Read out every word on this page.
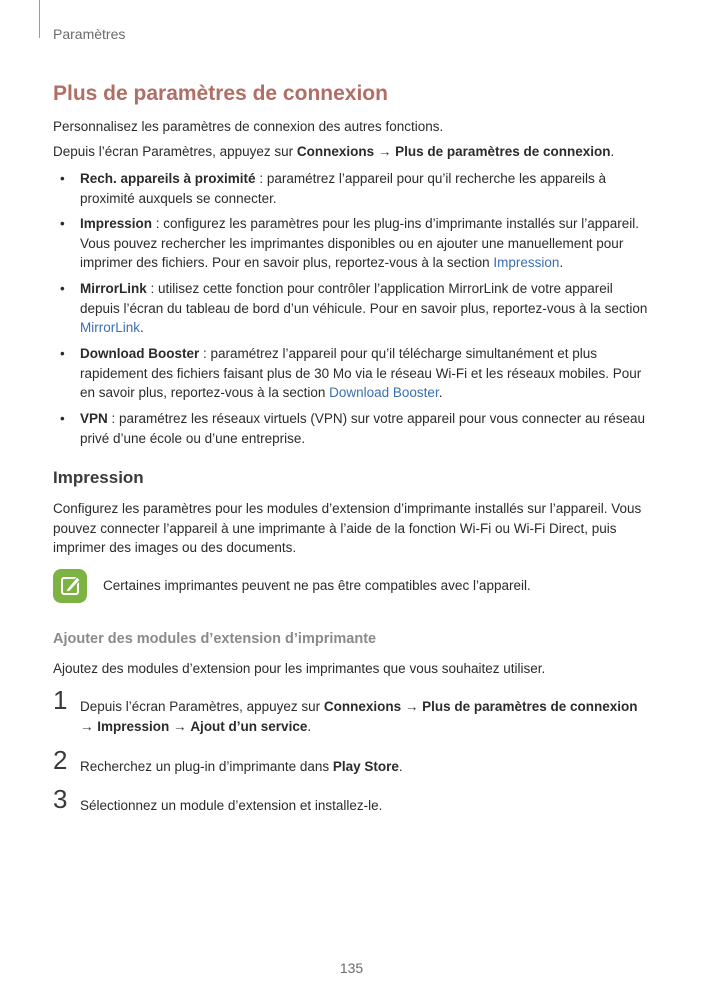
Paramètres
Plus de paramètres de connexion
Personnalisez les paramètres de connexion des autres fonctions.
Depuis l’écran Paramètres, appuyez sur Connexions → Plus de paramètres de connexion.
• Rech. appareils à proximité : paramétrez l’appareil pour qu’il recherche les appareils à proximité auxquels se connecter.
• Impression : configurez les paramètres pour les plug-ins d’imprimante installés sur l’appareil. Vous pouvez rechercher les imprimantes disponibles ou en ajouter une manuellement pour imprimer des fichiers. Pour en savoir plus, reportez-vous à la section Impression.
• MirrorLink : utilisez cette fonction pour contrôler l’application MirrorLink de votre appareil depuis l’écran du tableau de bord d’un véhicule. Pour en savoir plus, reportez-vous à la section MirrorLink.
• Download Booster : paramétrez l’appareil pour qu’il télécharge simultanément et plus rapidement des fichiers faisant plus de 30 Mo via le réseau Wi-Fi et les réseaux mobiles. Pour en savoir plus, reportez-vous à la section Download Booster.
• VPN : paramétrez les réseaux virtuels (VPN) sur votre appareil pour vous connecter au réseau privé d’une école ou d’une entreprise.
Impression
Configurez les paramètres pour les modules d’extension d’imprimante installés sur l’appareil. Vous pouvez connecter l’appareil à une imprimante à l’aide de la fonction Wi-Fi ou Wi-Fi Direct, puis imprimer des images ou des documents.
Certaines imprimantes peuvent ne pas être compatibles avec l’appareil.
Ajouter des modules d’extension d’imprimante
Ajoutez des modules d’extension pour les imprimantes que vous souhaitez utiliser.
1 Depuis l’écran Paramètres, appuyez sur Connexions → Plus de paramètres de connexion → Impression → Ajout d’un service.
2 Recherchez un plug-in d’imprimante dans Play Store.
3 Sélectionnez un module d’extension et installez-le.
135
